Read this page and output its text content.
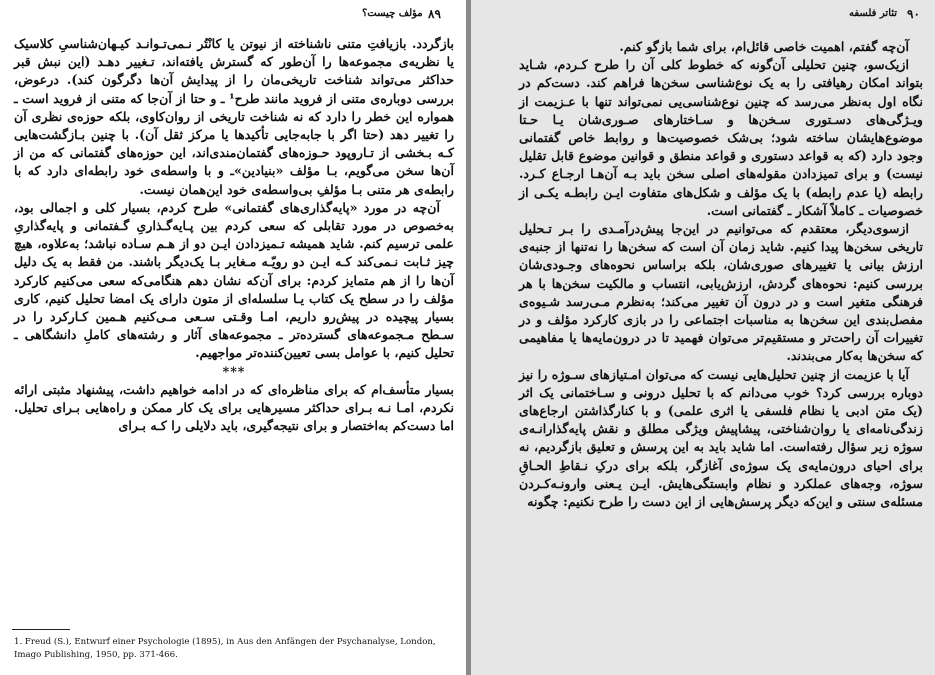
مؤلف چیست؟ ۸۹

بازگردد. بازیافتِ متنی ناشناخته از نیوتن یا کانْتُر نـمی‌تـوانـد کیـهان‌شناسیِ کلاسیک یا نظریه‌ی مجموعه‌ها را آن‌طور که گسترش یافته‌اند، تـغییر دهـد (این نبش قبر حداکثر می‌تواند شناخت تاریخی‌مان را از پیدایش آن‌ها دگرگون کند). درعوض، بررسی دوباره‌ی متنی از فروید مانند طرح¹ ـ و حتا از آن‌جا که متنی از فروید است ـ همواره این خطر را دارد که نه شناخت تاریخی از روان‌کاوی، بلکه حوزه‌ی نظری آن را تغییر دهد (حتا اگر با جابه‌جایی تأکیدها یا مرکز ثقل آن). با چنین بـازگشت‌هایی کـه بـخشی از تـاروپود حـوزه‌های گفتمان‌مندی‌اند، این حوزه‌های گفتمانی که من از آن‌ها سخن می‌گویم، بـا مؤلف «بنیادین»ـ و با واسطه‌ی خود رابطه‌ای دارد که با رابطه‌ی هر متنی بـا مؤلفِ بی‌واسطه‌ی خود این‌همان نیست.

آن‌چه در مورد «پایه‌گذاری‌های گفتمانی» طرح کردم، بسیار کلی و اجمالی بود، به‌خصوص در مورد تقابلی که سعی کردم بین پـایه‌گـذاریِ گـفتمانی و پایه‌گذاریِ علمی ترسیم کنم. شاید همیشه تـمیزدادن ایـن دو از هـم سـاده نباشد؛ به‌علاوه، هیچ چیز ثـابت نـمی‌کند کـه ایـن دو رویّـه مـغایر بـا یک‌دیگر باشند. من فقط به یک دلیل آن‌ها را از هم متمایز کردم: برای آن‌که نشان دهم هنگامی‌که سعی می‌کنیم کارکرد مؤلف را در سطح یک کتاب یـا سلسله‌ای از متون دارای یک امضا تحلیل کنیم، کاری بسیار پیچیده در پیش‌رو داریم، امـا وقـتی سـعی مـی‌کنیم هـمین کـارکرد را در سـطح مـجموعه‌های گسترده‌تر ـ مجموعه‌های آثار و رشته‌های کاملِ دانشگاهی ـ تحلیل کنیم، با عوامل بسی تعیین‌کننده‌تر مواجهیم.

***

بسیار متأسف‌ام که برای مناظره‌ای که در ادامه خواهیم داشت، پیشنهاد مثبتی ارائه نکردم، امـا نـه بـرای حداکثر مسیرهایی برای یک کار ممکن و راه‌هایی بـرای تحلیل. اما دست‌کم به‌اختصار و برای نتیجه‌گیری، باید دلایلی را کـه بـرای

1. Freud (S.), Entwurf einer Psychologie (1895), in Aus den Anfängen der Psychanalyse, London, Imago Publishing, 1950, pp. 371-466.
۹۰
تئاتر فلسفه

آن‌چه گفتم، اهمیت خاصی قائل‌ام، برای شما بازگو کنم.

ازیک‌سو، چنین تحلیلی آن‌گونه که خطوط کلی آن را طرح کـردم، شـاید بتواند امکان رهیافتی را به یک نوع‌شناسی سخن‌ها فراهم کند. دست‌کم در نگاه اول به‌نظر می‌رسد که چنین نوع‌شناسی‌یی نمی‌تواند تنها با عـزیمت از ویـژگی‌های دسـتوری سـخن‌ها و سـاختارهای صـوری‌شان یـا حـتا موضوع‌هایشان ساخته شود؛ بی‌شک خصوصیت‌ها و روابط خاص گفتمانی وجود دارد (که به قواعد دستوری و قواعد منطق و قوانین موضوع قابل تقلیل نیست) و برای تمیزدادن مقوله‌های اصلی سخن باید بـه آن‌هـا ارجـاع کـرد. رابطه (یا عدم رابطه) با یک مؤلف و شکل‌های متفاوت ایـن رابطـه یکـی از خصوصیات ـ کاملاً آشکار ـ گفتمانی است.

ازسوی‌دیگر، معتقدم که می‌توانیم در این‌جا پیش‌درآمـدی را بـر تـحلیل تاریخی سخن‌ها پیدا کنیم. شاید زمان آن است که سخن‌ها را نه‌تنها از جنبه‌ی ارزش بیانی یا تغییرهای صوری‌شان، بلکه براساس نحوه‌های وجـودی‌شان بررسی کنیم: نحوه‌های گردش، ارزش‌یابی، انتساب و مالکیت سخن‌ها با هر فرهنگی متغیر است و در درون آن تغییر می‌کند؛ به‌نظرم مـی‌رسد شـیوه‌ی مفصل‌بندی این سخن‌ها به مناسبات اجتماعی را در بازی کارکرد مؤلف و در تغییرات آن راحت‌تر و مستقیم‌تر می‌توان فهمید تا در درون‌مایه‌ها یا مفاهیمی که سخن‌ها به‌کار می‌بندند.

آیا با عزیمت از چنین تحلیل‌هایی نیست که می‌توان امـتیازهای سـوژه را نیز دوباره بررسی کرد؟ خوب می‌دانم که با تحلیل درونی و سـاختمانی یک اثر (یک متن ادبی یا نظام فلسفی یا اثری علمی) و با کنارگذاشتن ارجاع‌های زندگی‌نامه‌ای یا روان‌شناختی، پیشاپیش ویژگی مطلق و نقش پایه‌گذارانـه‌ی سوژه زیر سؤال رفته‌است. اما شاید باید به این پرسش و تعلیق بازگردیم، نه برای احیای درون‌مایه‌ی یک سوژه‌ی آغازگر، بلکه برای درکِ نـقاطِ الحـاقِ سوژه، وجه‌های عملکرد و نظام وابستگی‌هایش. ایـن یـعنی وارونـه‌کـردن مسئله‌ی سنتی و این‌که دیگر پرسش‌هایی از این دست را طرح نکنیم: چگونه
